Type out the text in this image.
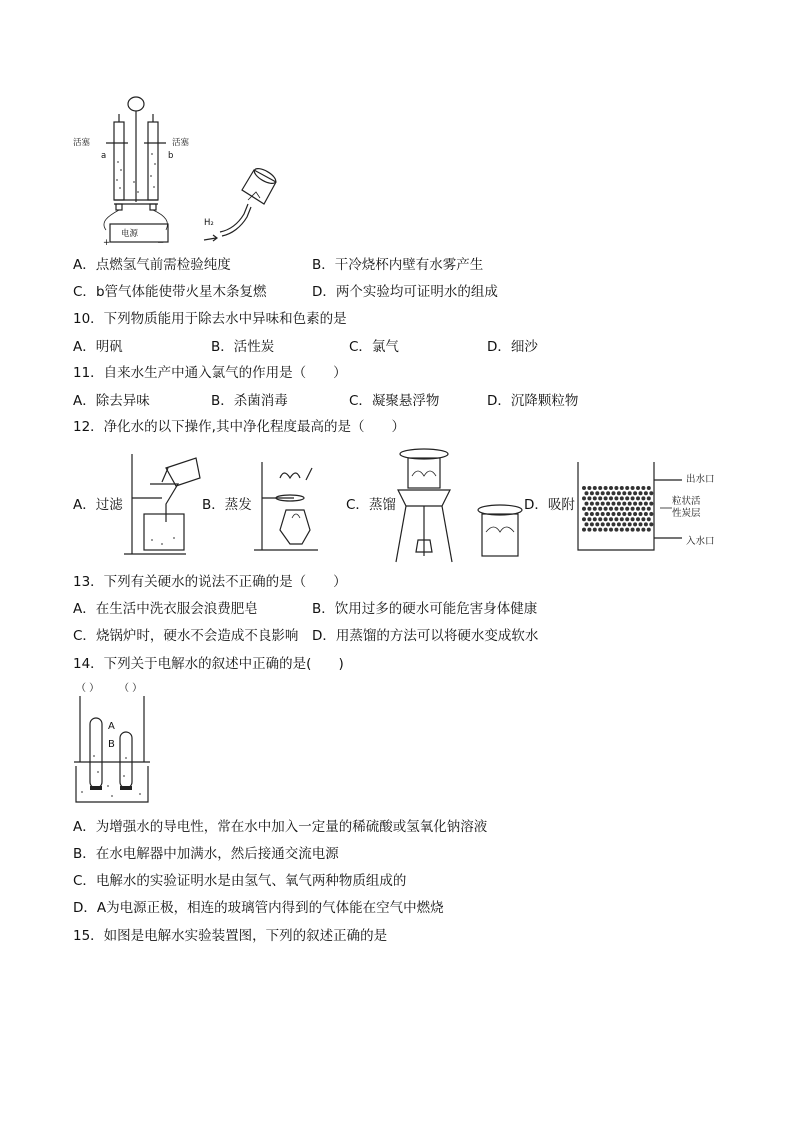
活塞	活塞
a	b
电源
+	−
H₂
A．点燃氢气前需检验纯度	B．干冷烧杯内壁有水雾产生
C．b管气体能使带火星木条复燃	D．两个实验均可证明水的组成
10．下列物质能用于除去水中异味和色素的是
A．明矾	B．活性炭	C．氯气	D．细沙
11．自来水生产中通入氯气的作用是（　　）
A．除去异味	B．杀菌消毒	C．凝聚悬浮物	D．沉降颗粒物
12．净化水的以下操作,其中净化程度最高的是（　　）
A．过滤	B．蒸发	C．蒸馏	D．吸附
出水口
粒状活
性炭层
入水口
13．下列有关硬水的说法不正确的是（　　）
A．在生活中洗衣服会浪费肥皂	B．饮用过多的硬水可能危害身体健康
C．烧锅炉时，硬水不会造成不良影响 D．用蒸馏的方法可以将硬水变成软水
14．下列关于电解水的叙述中正确的是(　　)
（ ） （ ）
A
B
A．为增强水的导电性，常在水中加入一定量的稀硫酸或氢氧化钠溶液
B．在水电解器中加满水，然后接通交流电源
C．电解水的实验证明水是由氢气、氧气两种物质组成的
D．A为电源正极，相连的玻璃管内得到的气体能在空气中燃烧
15．如图是电解水实验装置图，下列的叙述正确的是
